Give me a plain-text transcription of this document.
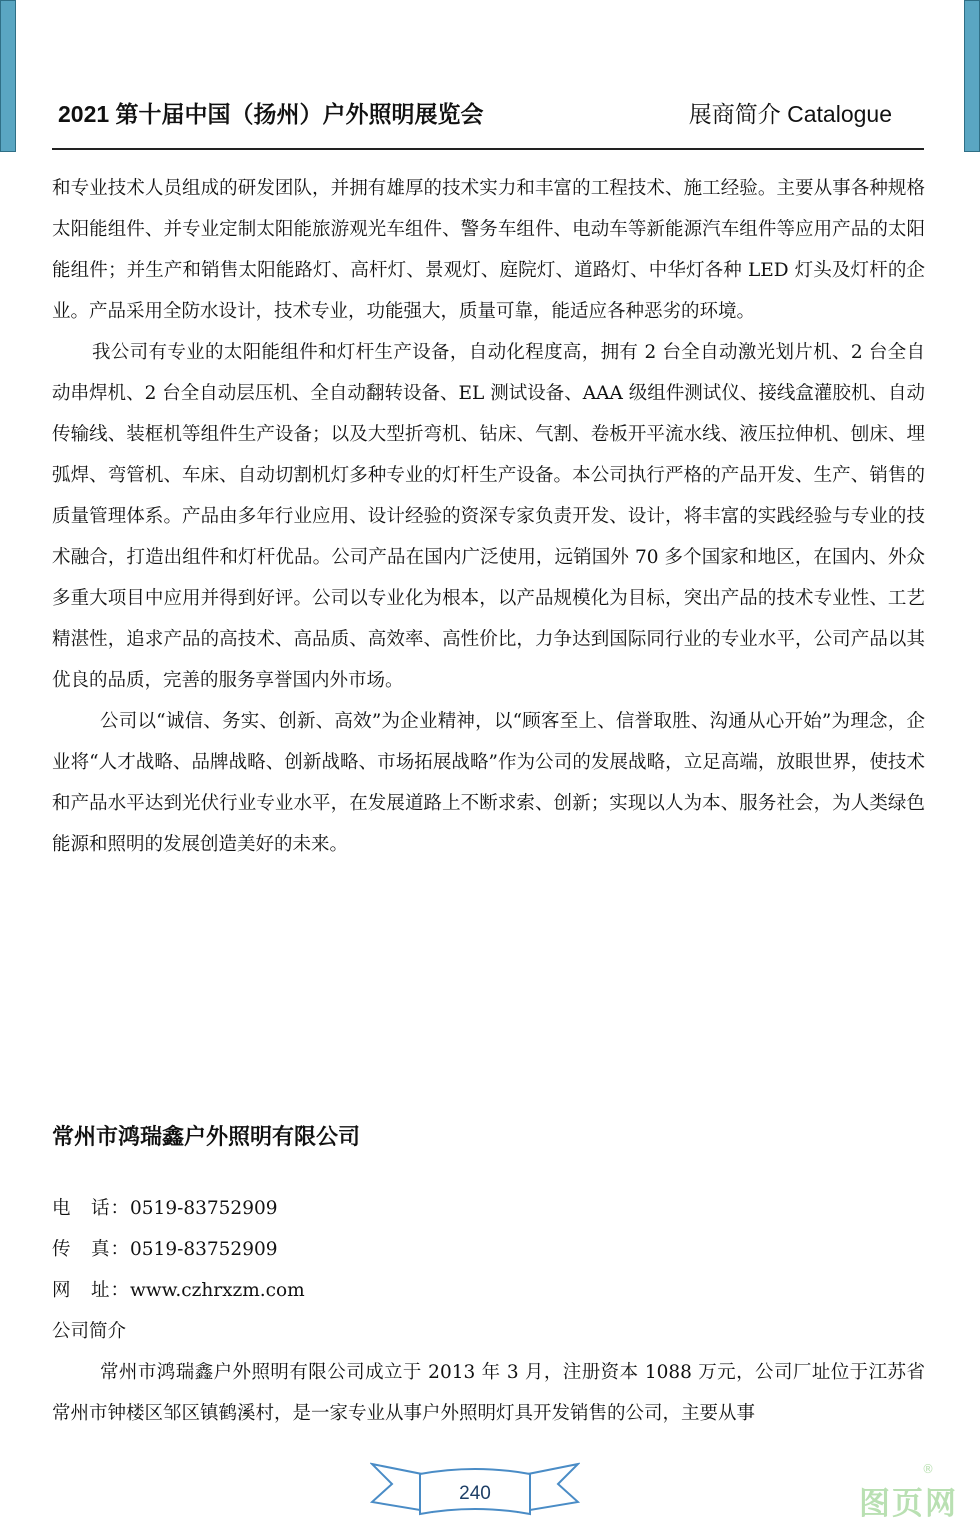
2021 第十届中国（扬州）户外照明展览会	展商简介 Catalogue

和专业技术人员组成的研发团队，并拥有雄厚的技术实力和丰富的工程技术、施工经验。主要从事各种规格太阳能组件、并专业定制太阳能旅游观光车组件、警务车组件、电动车等新能源汽车组件等应用产品的太阳能组件；并生产和销售太阳能路灯、高杆灯、景观灯、庭院灯、道路灯、中华灯各种 LED 灯头及灯杆的企业。产品采用全防水设计，技术专业，功能强大，质量可靠，能适应各种恶劣的环境。

我公司有专业的太阳能组件和灯杆生产设备，自动化程度高，拥有 2 台全自动激光划片机、2 台全自动串焊机、2 台全自动层压机、全自动翻转设备、EL 测试设备、AAA 级组件测试仪、接线盒灌胶机、自动传输线、装框机等组件生产设备；以及大型折弯机、钻床、气割、卷板开平流水线、液压拉伸机、刨床、埋弧焊、弯管机、车床、自动切割机灯多种专业的灯杆生产设备。本公司执行严格的产品开发、生产、销售的质量管理体系。产品由多年行业应用、设计经验的资深专家负责开发、设计，将丰富的实践经验与专业的技术融合，打造出组件和灯杆优品。公司产品在国内广泛使用，远销国外 70 多个国家和地区，在国内、外众多重大项目中应用并得到好评。公司以专业化为根本，以产品规模化为目标，突出产品的技术专业性、工艺精湛性，追求产品的高技术、高品质、高效率、高性价比，力争达到国际同行业的专业水平，公司产品以其优良的品质，完善的服务享誉国内外市场。

公司以“诚信、务实、创新、高效”为企业精神，以“顾客至上、信誉取胜、沟通从心开始”为理念，企业将“人才战略、品牌战略、创新战略、市场拓展战略”作为公司的发展战略，立足高端，放眼世界，使技术和产品水平达到光伏行业专业水平，在发展道路上不断求索、创新；实现以人为本、服务社会，为人类绿色能源和照明的发展创造美好的未来。

常州市鸿瑞鑫户外照明有限公司
电　话：0519-83752909
传　真：0519-83752909
网　址：www.czhrxzm.com
公司简介

常州市鸿瑞鑫户外照明有限公司成立于 2013 年 3 月，注册资本 1088 万元，公司厂址位于江苏省常州市钟楼区邹区镇鹤溪村，是一家专业从事户外照明灯具开发销售的公司，主要从事

240
®
图页网
